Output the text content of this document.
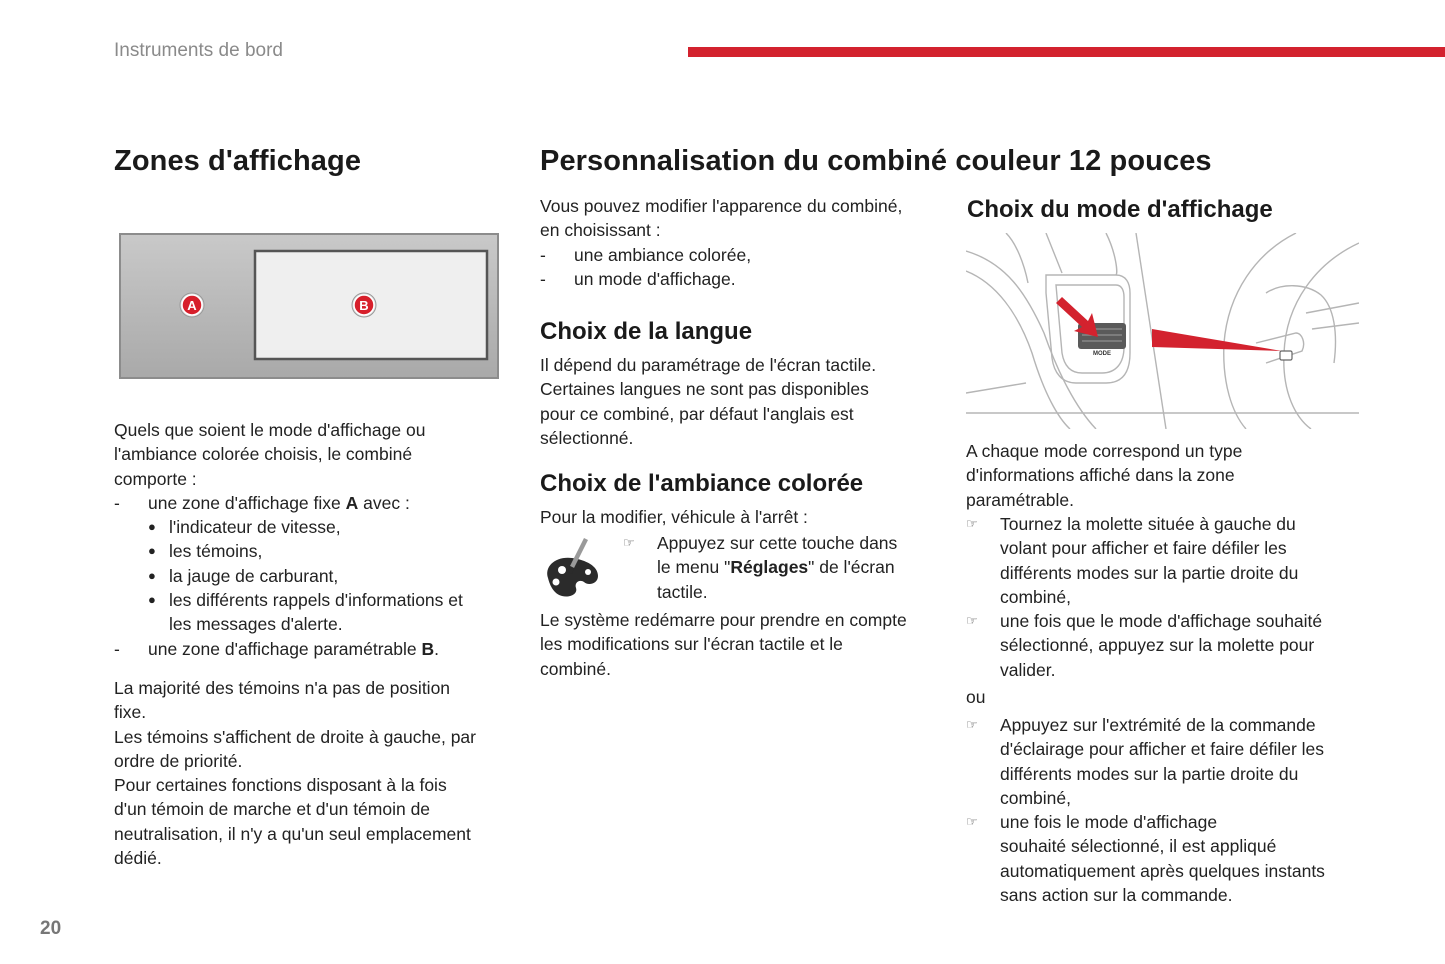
Instruments de bord
Zones d'affichage
A	B
Quels que soient le mode d'affichage ou
l'ambiance colorée choisis, le combiné
comporte :
- une zone d'affichage fixe A avec :
● l'indicateur de vitesse,
● les témoins,
● la jauge de carburant,
● les différents rappels d'informations et
les messages d'alerte.
- une zone d'affichage paramétrable B.
La majorité des témoins n'a pas de position
fixe.
Les témoins s'affichent de droite à gauche, par
ordre de priorité.
Pour certaines fonctions disposant à la fois
d'un témoin de marche et d'un témoin de
neutralisation, il n'y a qu'un seul emplacement
dédié.
Personnalisation du combiné couleur 12 pouces
Vous pouvez modifier l'apparence du combiné,
en choisissant :
- une ambiance colorée,
- un mode d'affichage.
Choix de la langue
Il dépend du paramétrage de l'écran tactile.
Certaines langues ne sont pas disponibles
pour ce combiné, par défaut l'anglais est
sélectionné.
Choix de l'ambiance colorée
Pour la modifier, véhicule à l'arrêt :
☞ Appuyez sur cette touche dans
le menu "Réglages" de l'écran
tactile.
Le système redémarre pour prendre en compte
les modifications sur l'écran tactile et le
combiné.
Choix du mode d'affichage
MODE
A chaque mode correspond un type
d'informations affiché dans la zone
paramétrable.
☞ Tournez la molette située à gauche du
volant pour afficher et faire défiler les
différents modes sur la partie droite du
combiné,
☞ une fois que le mode d'affichage souhaité
sélectionné, appuyez sur la molette pour
valider.
ou
☞ Appuyez sur l'extrémité de la commande
d'éclairage pour afficher et faire défiler les
différents modes sur la partie droite du
combiné,
☞ une fois le mode d'affichage
souhaité sélectionné, il est appliqué
automatiquement après quelques instants
sans action sur la commande.
20
